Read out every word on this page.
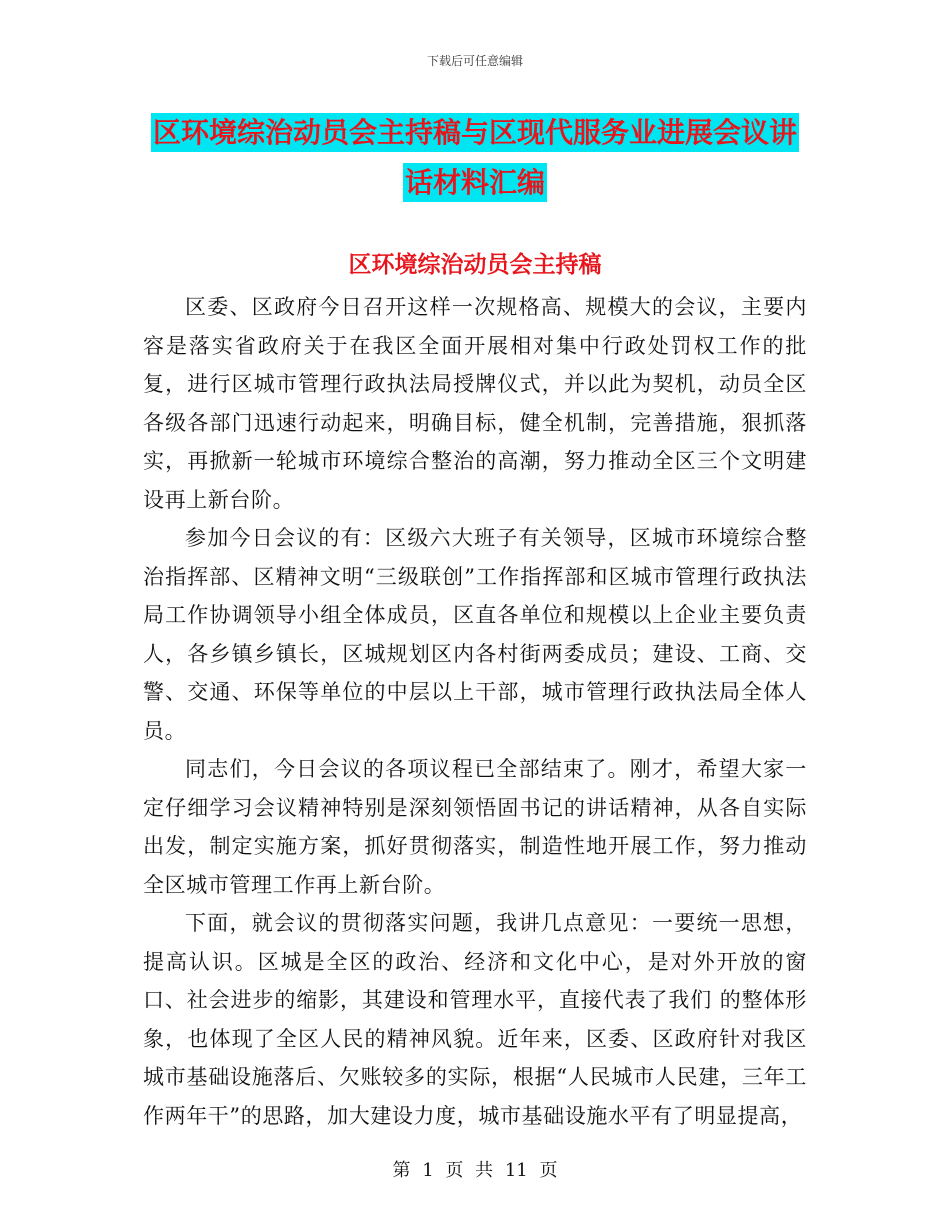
下载后可任意编辑
区环境综治动员会主持稿与区现代服务业进展会议讲话材料汇编
区环境综治动员会主持稿

区委、区政府今日召开这样一次规格高、规模大的会议，主要内容是落实省政府关于在我区全面开展相对集中行政处罚权工作的批复，进行区城市管理行政执法局授牌仪式，并以此为契机，动员全区各级各部门迅速行动起来，明确目标，健全机制，完善措施，狠抓落实，再掀新一轮城市环境综合整治的高潮，努力推动全区三个文明建设再上新台阶。

参加今日会议的有：区级六大班子有关领导，区城市环境综合整治指挥部、区精神文明“三级联创”工作指挥部和区城市管理行政执法局工作协调领导小组全体成员，区直各单位和规模以上企业主要负责人，各乡镇乡镇长，区城规划区内各村街两委成员；建设、工商、交警、交通、环保等单位的中层以上干部，城市管理行政执法局全体人员。

同志们，今日会议的各项议程已全部结束了。刚才，希望大家一定仔细学习会议精神特别是深刻领悟固书记的讲话精神，从各自实际出发，制定实施方案，抓好贯彻落实，制造性地开展工作，努力推动全区城市管理工作再上新台阶。

下面，就会议的贯彻落实问题，我讲几点意见：一要统一思想，提高认识。区城是全区的政治、经济和文化中心，是对外开放的窗口、社会进步的缩影，其建设和管理水平，直接代表了我们 的整体形象，也体现了全区人民的精神风貌。近年来，区委、区政府针对我区城市基础设施落后、欠账较多的实际，根据“人民城市人民建，三年工作两年干”的思路，加大建设力度，城市基础设施水平有了明显提高，

第 1 页 共 11 页
